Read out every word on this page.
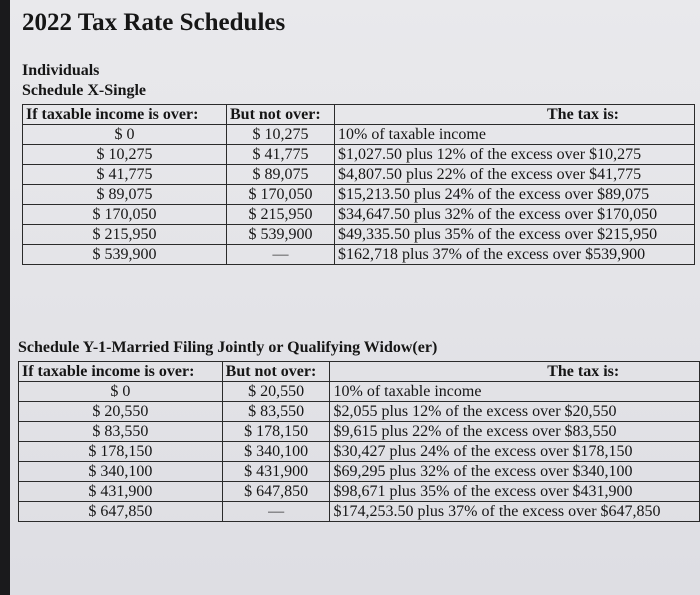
2022 Tax Rate Schedules
Individuals
Schedule X-Single
If taxable income is over:	But not over:	The tax is:
$ 0	$ 10,275	10% of taxable income
$ 10,275	$ 41,775	$1,027.50 plus 12% of the excess over $10,275
$ 41,775	$ 89,075	$4,807.50 plus 22% of the excess over $41,775
$ 89,075	$ 170,050	$15,213.50 plus 24% of the excess over $89,075
$ 170,050	$ 215,950	$34,647.50 plus 32% of the excess over $170,050
$ 215,950	$ 539,900	$49,335.50 plus 35% of the excess over $215,950
$ 539,900	—	$162,718 plus 37% of the excess over $539,900
Schedule Y-1-Married Filing Jointly or Qualifying Widow(er)
If taxable income is over:	But not over:	The tax is:
$ 0	$ 20,550	10% of taxable income
$ 20,550	$ 83,550	$2,055 plus 12% of the excess over $20,550
$ 83,550	$ 178,150	$9,615 plus 22% of the excess over $83,550
$ 178,150	$ 340,100	$30,427 plus 24% of the excess over $178,150
$ 340,100	$ 431,900	$69,295 plus 32% of the excess over $340,100
$ 431,900	$ 647,850	$98,671 plus 35% of the excess over $431,900
$ 647,850	—	$174,253.50 plus 37% of the excess over $647,850
